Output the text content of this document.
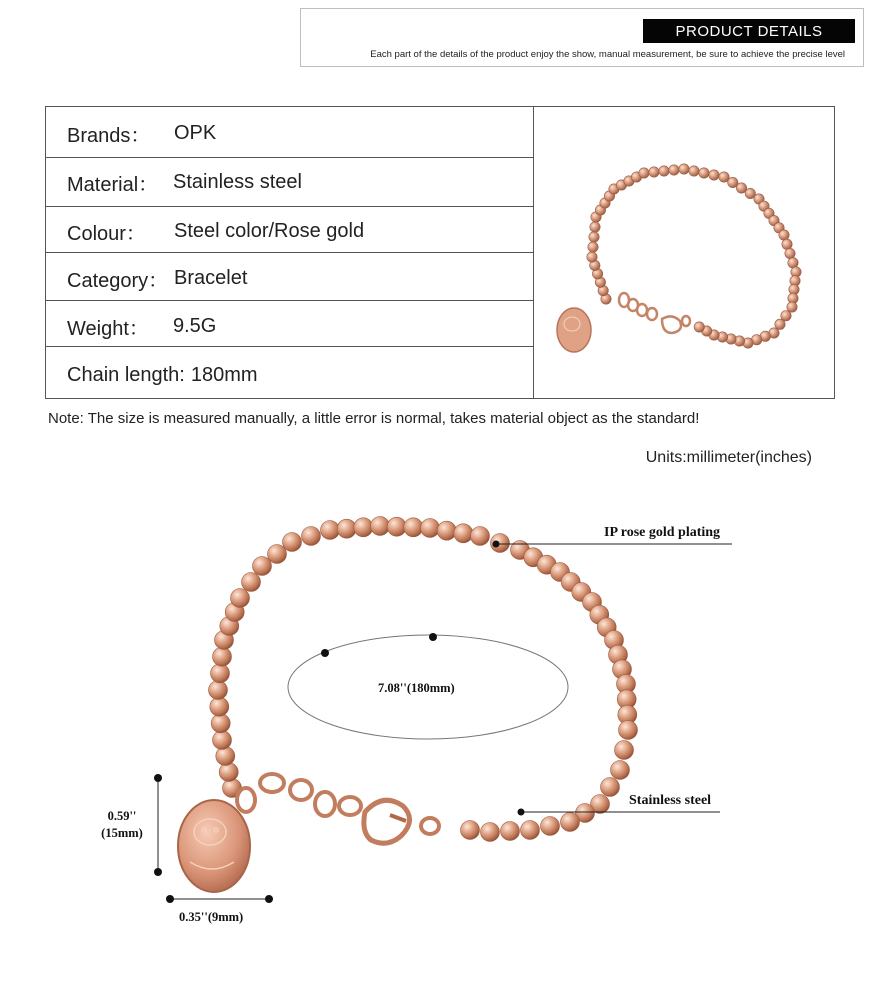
PRODUCT DETAILS
Each part of the details of the product enjoy the show, manual measurement, be sure to achieve the precise level
Brands：	OPK
Material： Stainless steel
Colour：	Steel color/Rose gold
Category： Bracelet
Weight：	9.5G
Chain length: 180mm
Note: The size is measured manually, a little error is normal, takes material object as the standard!
Units:millimeter(inches)
IP rose gold plating
Stainless steel
7.08''(180mm)
0.59''
(15mm)
0.35''(9mm)
